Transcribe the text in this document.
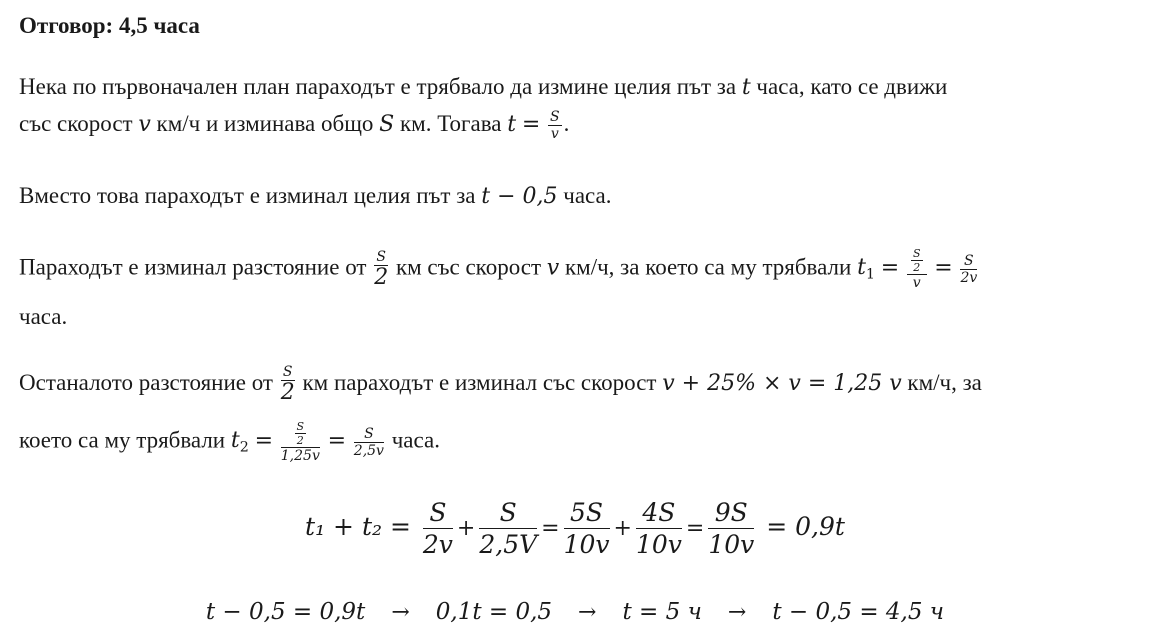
Отговор: 4,5 часа
Нека по първоначален план параходът е трябвало да измине целия път за t часа, като се движи
със скорост v км/ч и изминава общо S км. Тогава $t = \frac{S}{v}$ .
Вместо това параходът е изминал целия път за t − 0,5 часа.
Параходът е изминал разстояние от $\frac{S}{2}$ км със скорост v км/ч, за което са му трябвали $t_1 = \frac{\frac{S}{2}}{v} = \frac{S}{2v}$
часа.
Останалото разстояние от $\frac{S}{2}$ км параходът е изминал със скорост v + 25% × v = 1,25 v км/ч, за
което са му трябвали $t_2 = \frac{\frac{S}{2}}{1,25v} = \frac{S}{2,5v}$ часа.
$t_1 + t_2 = \frac{S}{2v} + \frac{S}{2,5V} = \frac{5S}{10v} + \frac{4S}{10v} = \frac{9S}{10v} = 0,9t$
t − 0,5 = 0,9t → 0,1t = 0,5 → t = 5 ч → t − 0,5 = 4,5 ч
